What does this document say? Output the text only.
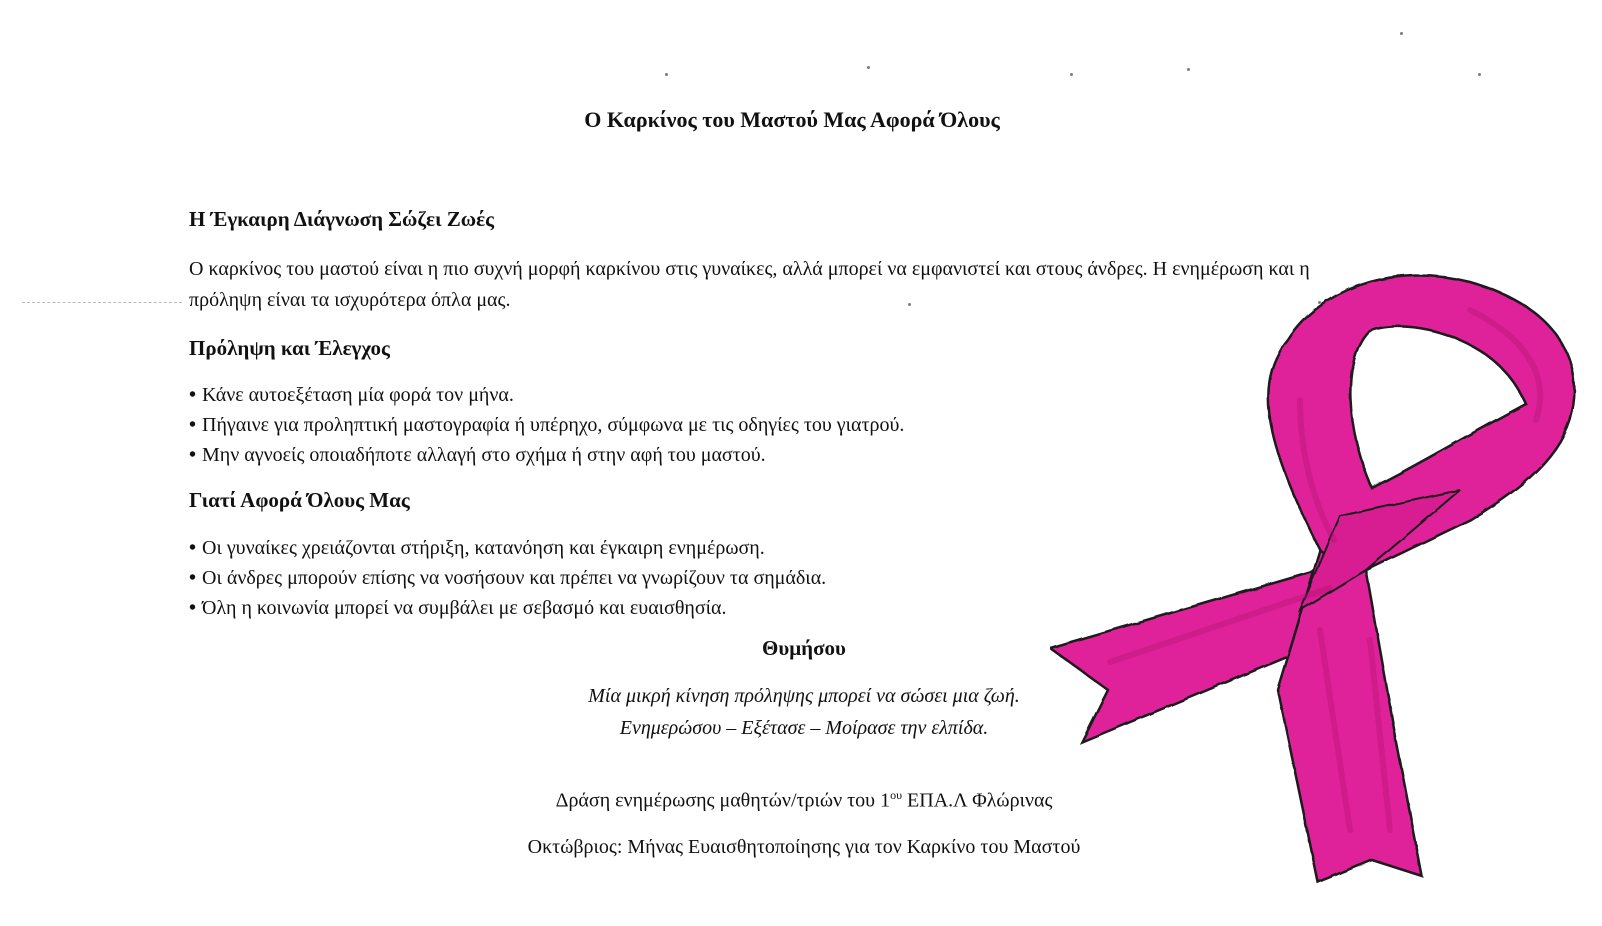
Ο Καρκίνος του Μαστού Μας Αφορά Όλους
Η Έγκαιρη Διάγνωση Σώζει Ζωές
Ο καρκίνος του μαστού είναι η πιο συχνή μορφή καρκίνου στις γυναίκες, αλλά μπορεί να εμφανιστεί και στους άνδρες. Η ενημέρωση και η πρόληψη είναι τα ισχυρότερα όπλα μας.
Πρόληψη και Έλεγχος
• Κάνε αυτοεξέταση μία φορά τον μήνα.
• Πήγαινε για προληπτική μαστογραφία ή υπέρηχο, σύμφωνα με τις οδηγίες του γιατρού.
• Μην αγνοείς οποιαδήποτε αλλαγή στο σχήμα ή στην αφή του μαστού.
Γιατί Αφορά Όλους Μας
• Οι γυναίκες χρειάζονται στήριξη, κατανόηση και έγκαιρη ενημέρωση.
• Οι άνδρες μπορούν επίσης να νοσήσουν και πρέπει να γνωρίζουν τα σημάδια.
• Όλη η κοινωνία μπορεί να συμβάλει με σεβασμό και ευαισθησία.
Θυμήσου
Μία μικρή κίνηση πρόληψης μπορεί να σώσει μια ζωή.
Ενημερώσου – Εξέτασε – Μοίρασε την ελπίδα.
Δράση ενημέρωσης μαθητών/τριών του $1^{o\upsilon}$ ΕΠΑ.Λ Φλώρινας
Οκτώβριος: Μήνας Ευαισθητοποίησης για τον Καρκίνο του Μαστού
